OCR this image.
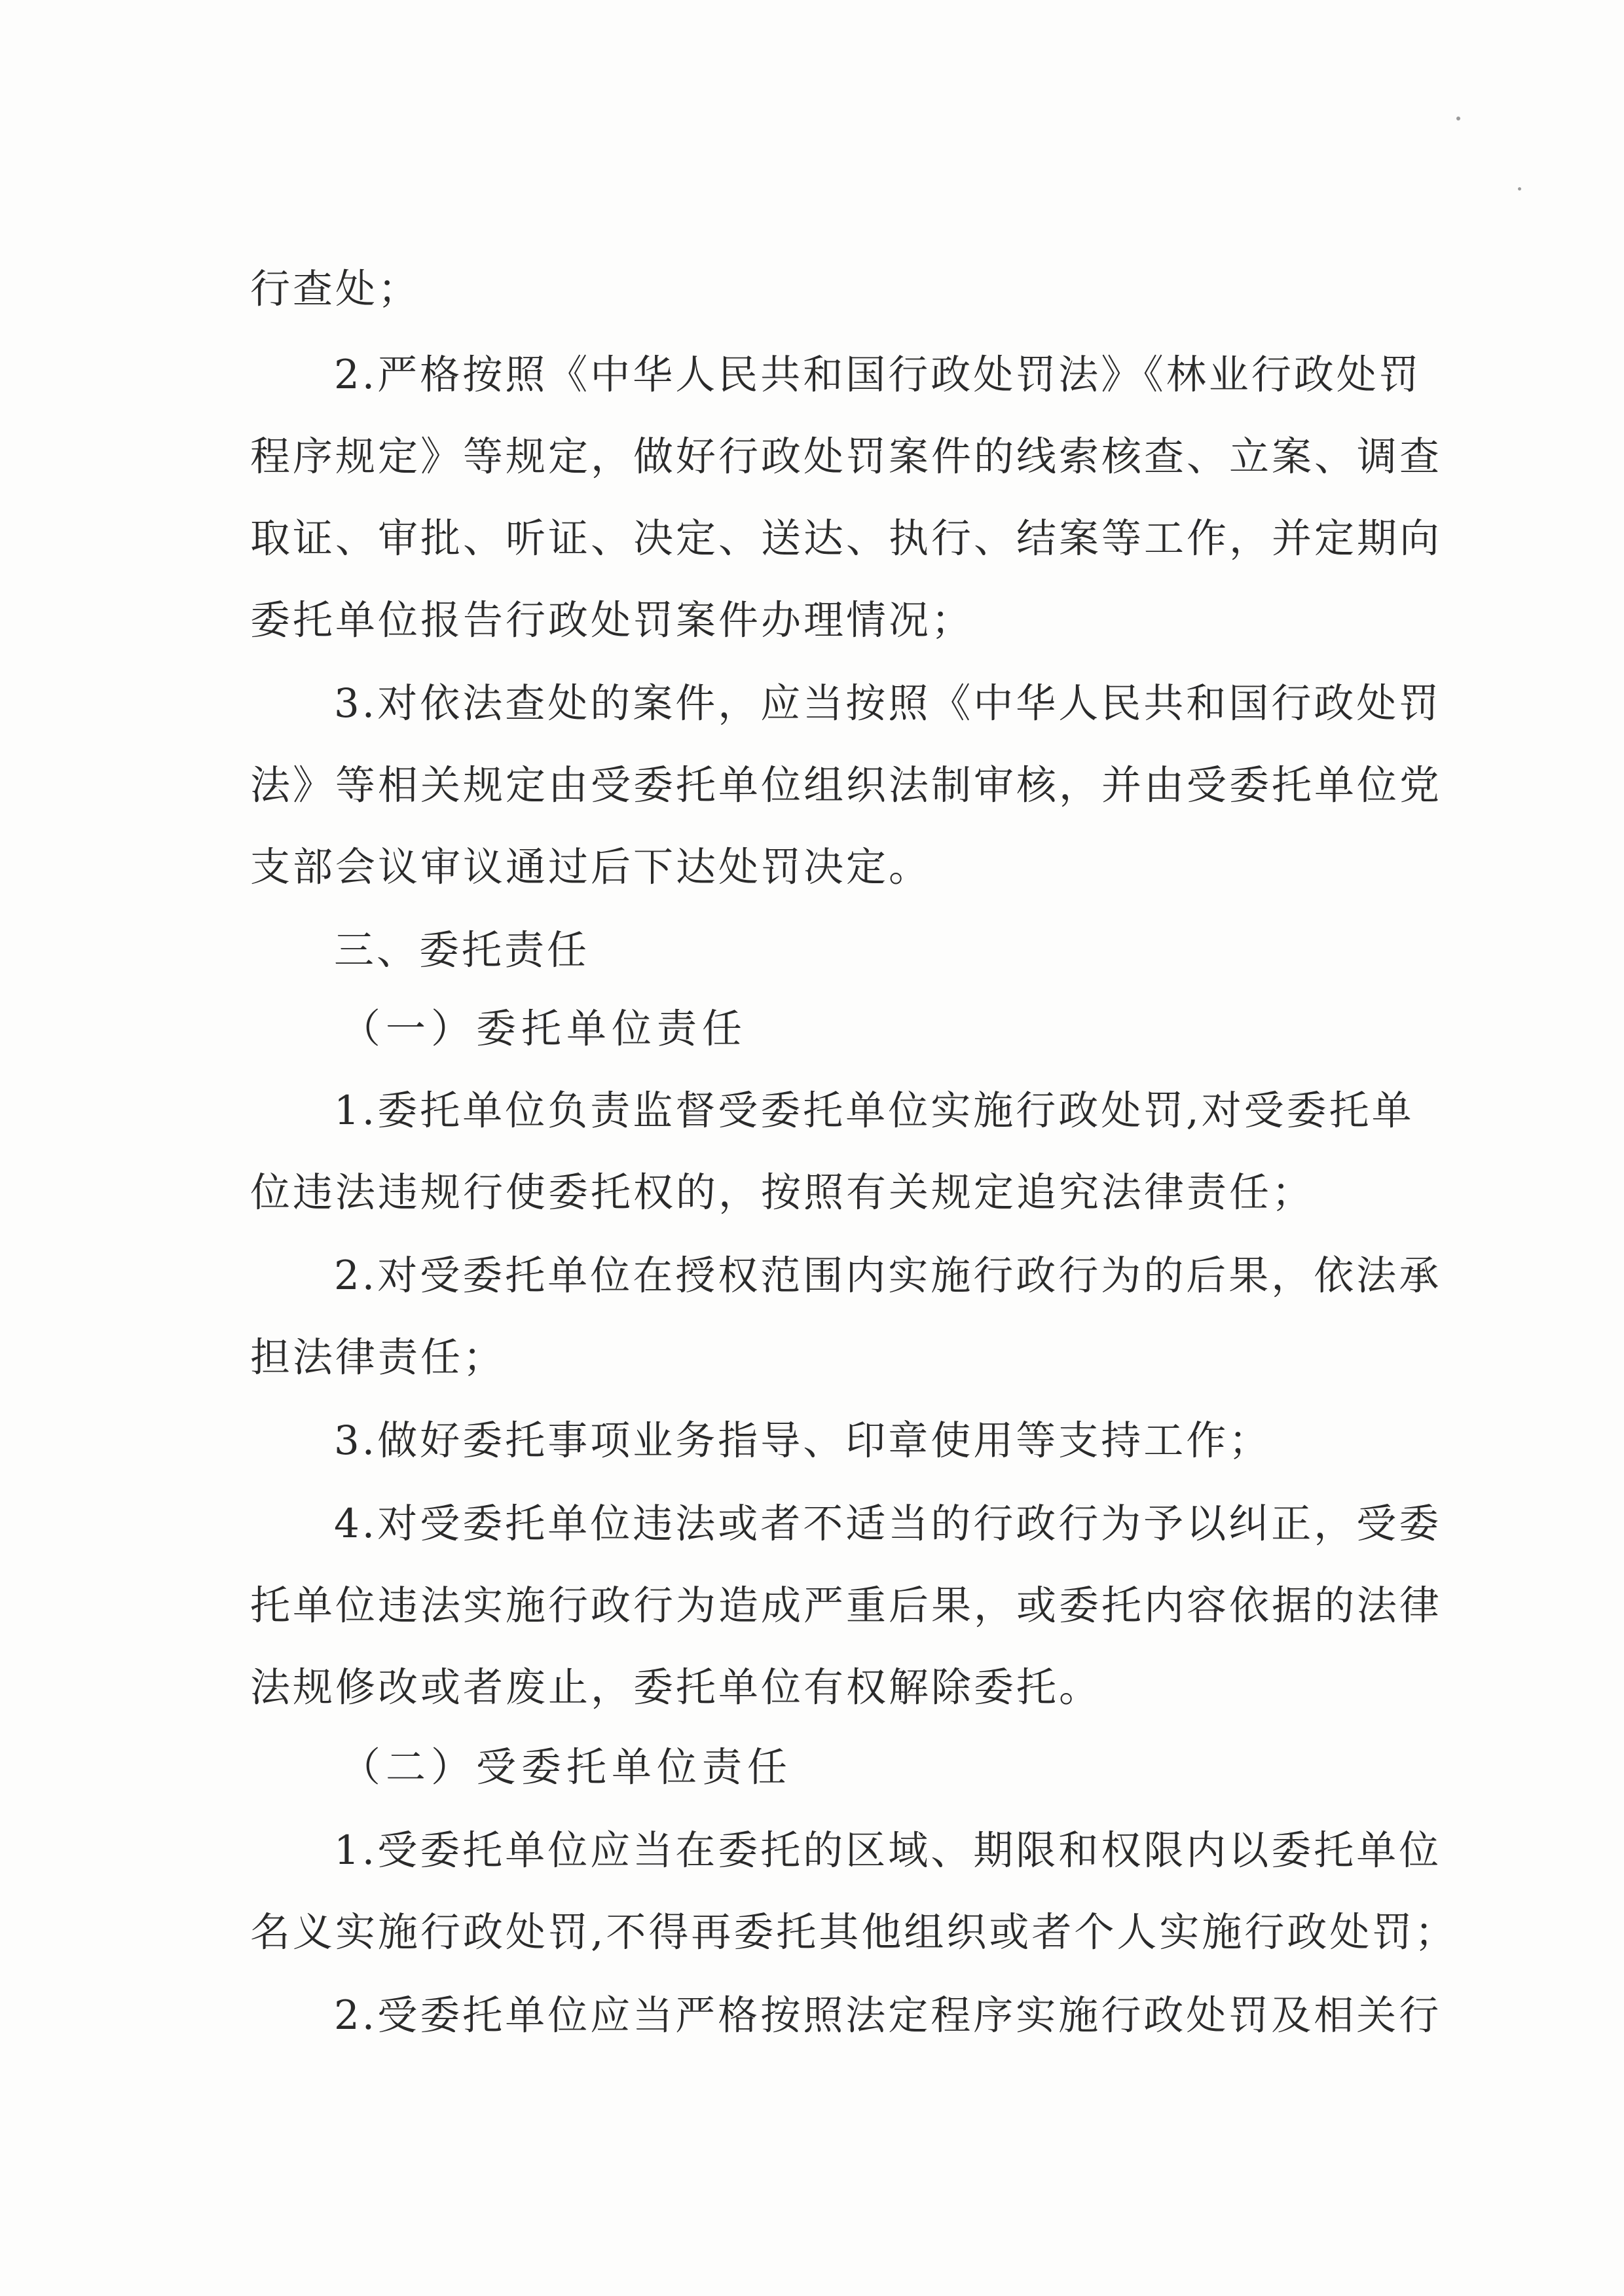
行查处；
2.严格按照《中华人民共和国行政处罚法》《林业行政处罚
程序规定》等规定，做好行政处罚案件的线索核查、立案、调查
取证、审批、听证、决定、送达、执行、结案等工作，并定期向
委托单位报告行政处罚案件办理情况；
3.对依法查处的案件，应当按照《中华人民共和国行政处罚
法》等相关规定由受委托单位组织法制审核，并由受委托单位党
支部会议审议通过后下达处罚决定。
三、委托责任
（一）委托单位责任
1.委托单位负责监督受委托单位实施行政处罚,对受委托单
位违法违规行使委托权的，按照有关规定追究法律责任；
2.对受委托单位在授权范围内实施行政行为的后果，依法承
担法律责任；
3.做好委托事项业务指导、印章使用等支持工作；
4.对受委托单位违法或者不适当的行政行为予以纠正，受委
托单位违法实施行政行为造成严重后果，或委托内容依据的法律
法规修改或者废止，委托单位有权解除委托。
（二）受委托单位责任
1.受委托单位应当在委托的区域、期限和权限内以委托单位
名义实施行政处罚,不得再委托其他组织或者个人实施行政处罚；
2.受委托单位应当严格按照法定程序实施行政处罚及相关行
